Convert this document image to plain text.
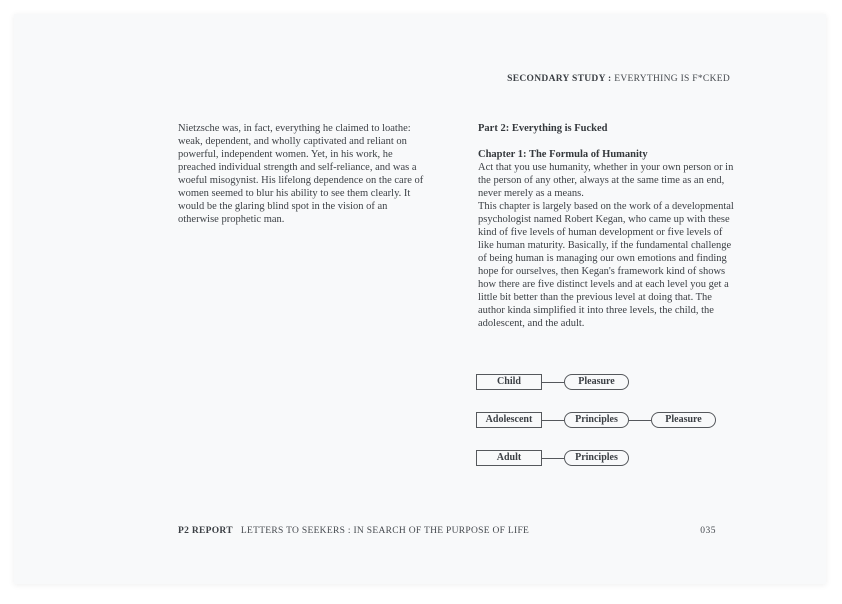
SECONDARY STUDY : EVERYTHING IS F*CKED

Nietzsche was, in fact, everything he claimed to loathe: weak, dependent, and wholly captivated and reliant on powerful, independent women. Yet, in his work, he preached individual strength and self-reliance, and was a woeful misogynist. His lifelong dependence on the care of women seemed to blur his ability to see them clearly. It would be the glaring blind spot in the vision of an otherwise prophetic man.

Part 2: Everything is Fucked

Chapter 1: The Formula of Humanity

Act that you use humanity, whether in your own person or in the person of any other, always at the same time as an end, never merely as a means.

This chapter is largely based on the work of a developmental psychologist named Robert Kegan, who came up with these kind of five levels of human development or five levels of like human maturity. Basically, if the fundamental challenge of being human is managing our own emotions and finding hope for ourselves, then Kegan's framework kind of shows how there are five distinct levels and at each level you get a little bit better than the previous level at doing that. The author kinda simplified it into three levels, the child, the adolescent, and the adult.

Child	Pleasure
Adolescent	Principles	Pleasure
Adult	Principles
P2 REPORT LETTERS TO SEEKERS : IN SEARCH OF THE PURPOSE OF LIFE	035
